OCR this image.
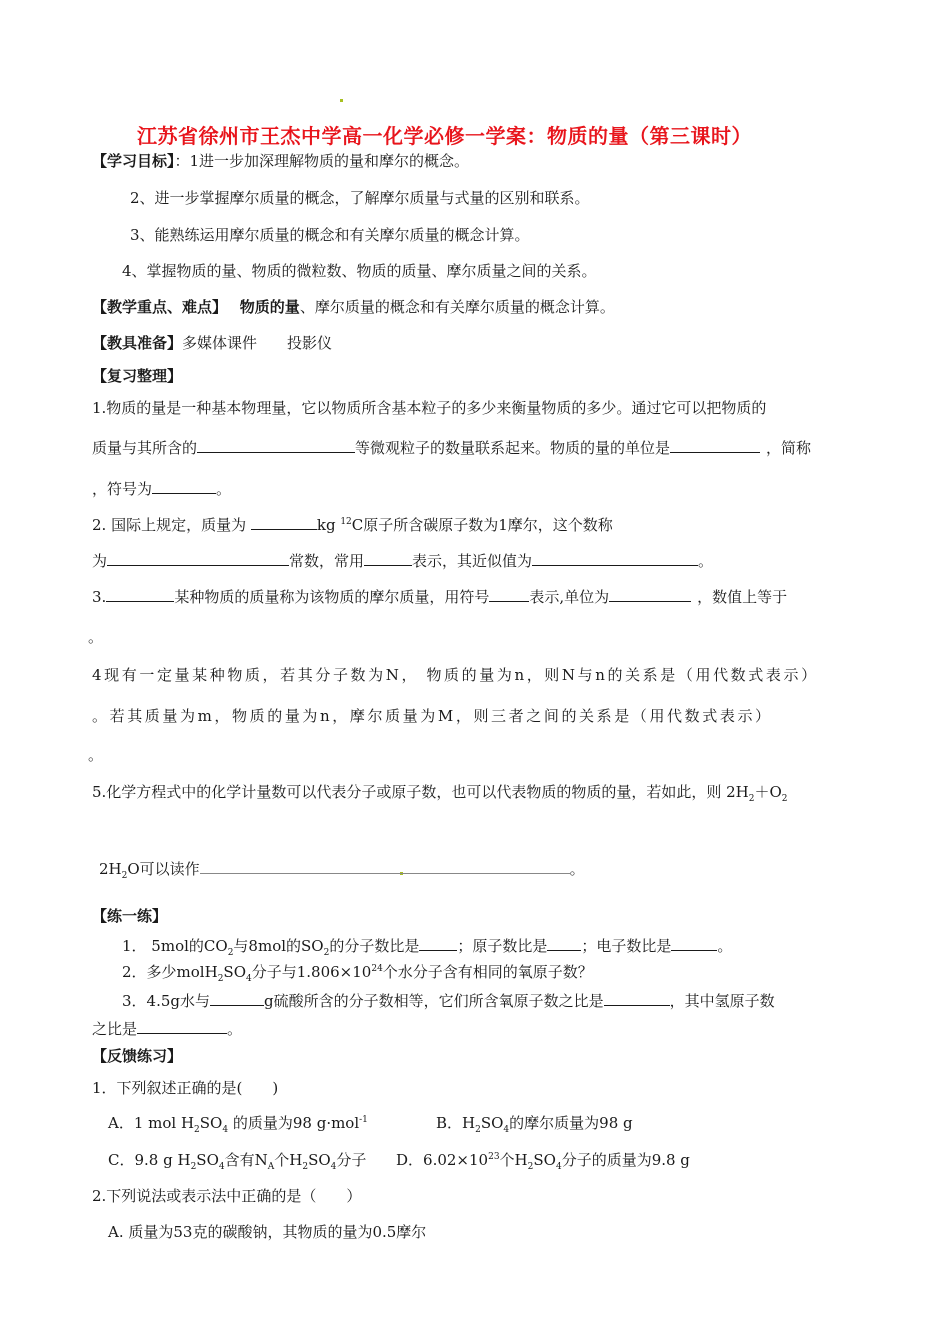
江苏省徐州市王杰中学高一化学必修一学案：物质的量（第三课时）
【学习目标】：1进一步加深理解物质的量和摩尔的概念。
2、进一步掌握摩尔质量的概念，了解摩尔质量与式量的区别和联系。
3、能熟练运用摩尔质量的概念和有关摩尔质量的概念计算。
4、掌握物质的量、物质的微粒数、物质的质量、摩尔质量之间的关系。
【教学重点、难点】 物质的量、摩尔质量的概念和有关摩尔质量的概念计算。
【教具准备】多媒体课件　　投影仪
【复习整理】
1.物质的量是一种基本物理量，它以物质所含基本粒子的多少来衡量物质的多少。通过它可以把物质的
质量与其所含的	等微观粒子的数量联系起来。物质的量的单位是	，简称
，符号为	。
2. 国际上规定，质量为	kg $^{12}$C原子所含碳原子数为1摩尔，这个数称
为	常数，常用	表示，其近似值为	。
3.	某种物质的质量称为该物质的摩尔质量，用符号	表示,单位为	，数值上等于
。
4现有一定量某种物质，若其分子数为N， 物质的量为n，则N与n的关系是（用代数式表示）
。若其质量为m，物质的量为n，摩尔质量为M，则三者之间的关系是（用代数式表示）
。
5.化学方程式中的化学计量数可以代表分子或原子数，也可以代表物质的物质的量，若如此，则 $2H_2+O_2$
$2H_2O$可以读作	。
【练一练】
1． 5mol的$CO_2$与8mol的$SO_2$的分子数比是	；原子数比是 ；电子数比是	。
2．多少$molH_2SO_4$分子与$1.806\times 10^{24}$个水分子含有相同的氧原子数？
3．4.5g水与	g硫酸所含的分子数相等，它们所含氧原子数之比是	，其中氢原子数
之比是	。
【反馈练习】
1．下列叙述正确的是(　　)
A．1 mol $H_2SO_4$ 的质量为98 g·mol$^{-1}$	B．$H_2SO_4$的摩尔质量为98 g
C．9.8 g $H_2SO_4$含有$N_A$个$H_2SO_4$分子 D．$6.02\times 10^{23}$个$H_2SO_4$分子的质量为9.8 g
2.下列说法或表示法中正确的是（　　）
A. 质量为53克的碳酸钠，其物质的量为0.5摩尔
